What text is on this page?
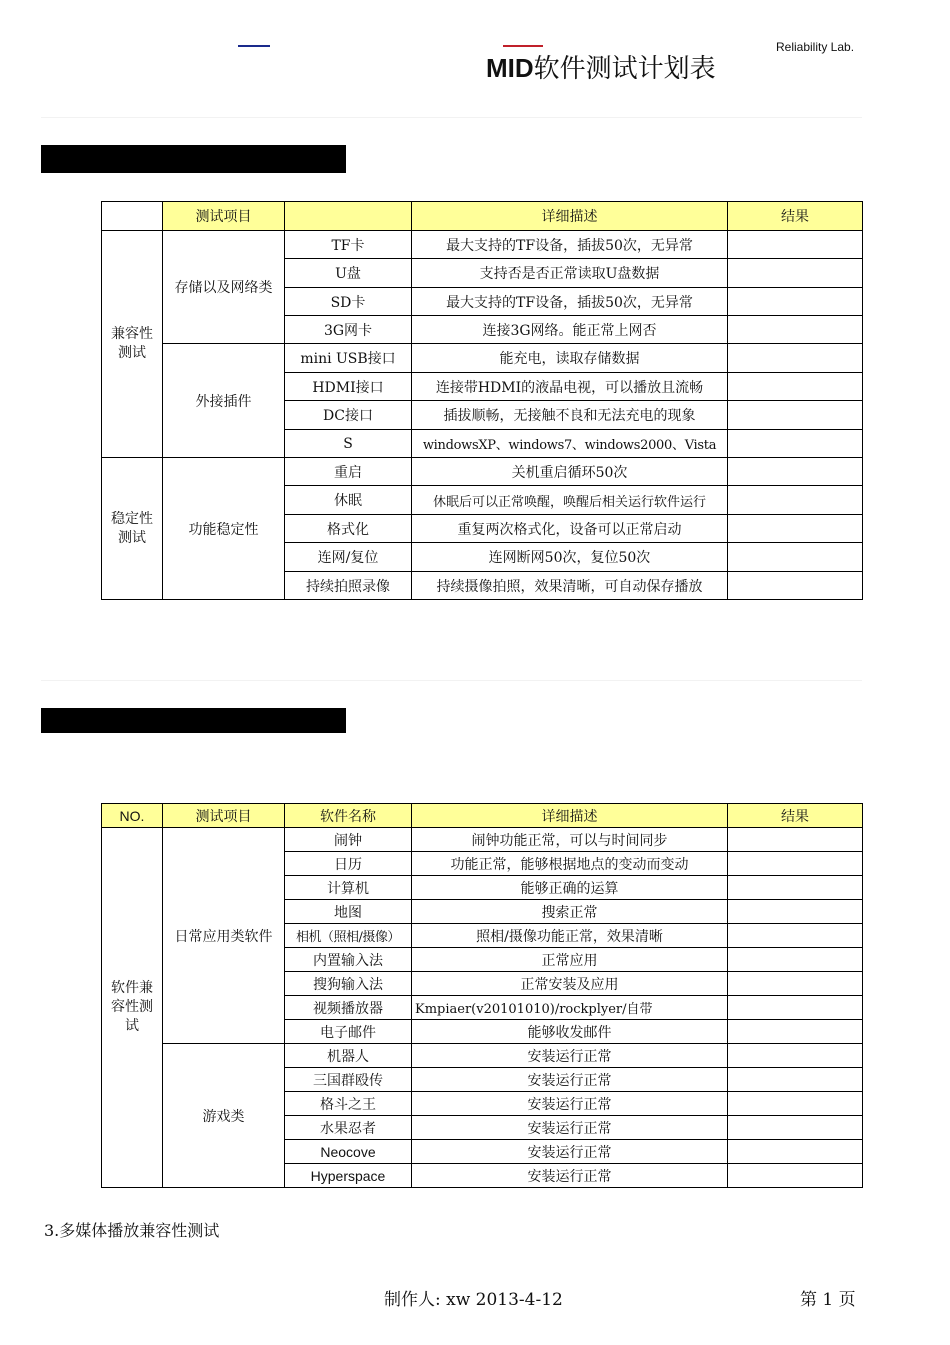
MID软件测试计划表
Reliability Lab.
	测试项目		详细描述	结果
兼容性测试	存储以及网络类	TF卡	最大支持的TF设备，插拔50次，无异常	
		U盘	支持否是否正常读取U盘数据	
		SD卡	最大支持的TF设备，插拔50次，无异常	
		3G网卡	连接3G网络。能正常上网否	
	外接插件	mini USB接口	能充电，读取存储数据	
		HDMI接口	连接带HDMI的液晶电视，可以播放且流畅	
		DC接口	插拔顺畅，无接触不良和无法充电的现象	
		S	windowsXP、windows7、windows2000、Vista	
稳定性测试	功能稳定性	重启	关机重启循环50次	
		休眠	休眠后可以正常唤醒，唤醒后相关运行软件运行	
		格式化	重复两次格式化，设备可以正常启动	
		连网/复位	连网断网50次，复位50次	
		持续拍照录像	持续摄像拍照，效果清晰，可自动保存播放	
NO.	测试项目	软件名称	详细描述	结果
软件兼容性测试	日常应用类软件	闹钟	闹钟功能正常，可以与时间同步	
		日历	功能正常，能够根据地点的变动而变动	
		计算机	能够正确的运算	
		地图	搜索正常	
		相机（照相/摄像）	照相/摄像功能正常，效果清晰	
		内置输入法	正常应用	
		搜狗输入法	正常安装及应用	
		视频播放器	Kmpiaer(v20101010)/rockplyer/自带	
		电子邮件	能够收发邮件	
	游戏类	机器人	安装运行正常	
		三国群殴传	安装运行正常	
		格斗之王	安装运行正常	
		水果忍者	安装运行正常	
		Neocove	安装运行正常	
		Hyperspace	安装运行正常	
3.多媒体播放兼容性测试
制作人: xw 2013-4-12	第 1 页
